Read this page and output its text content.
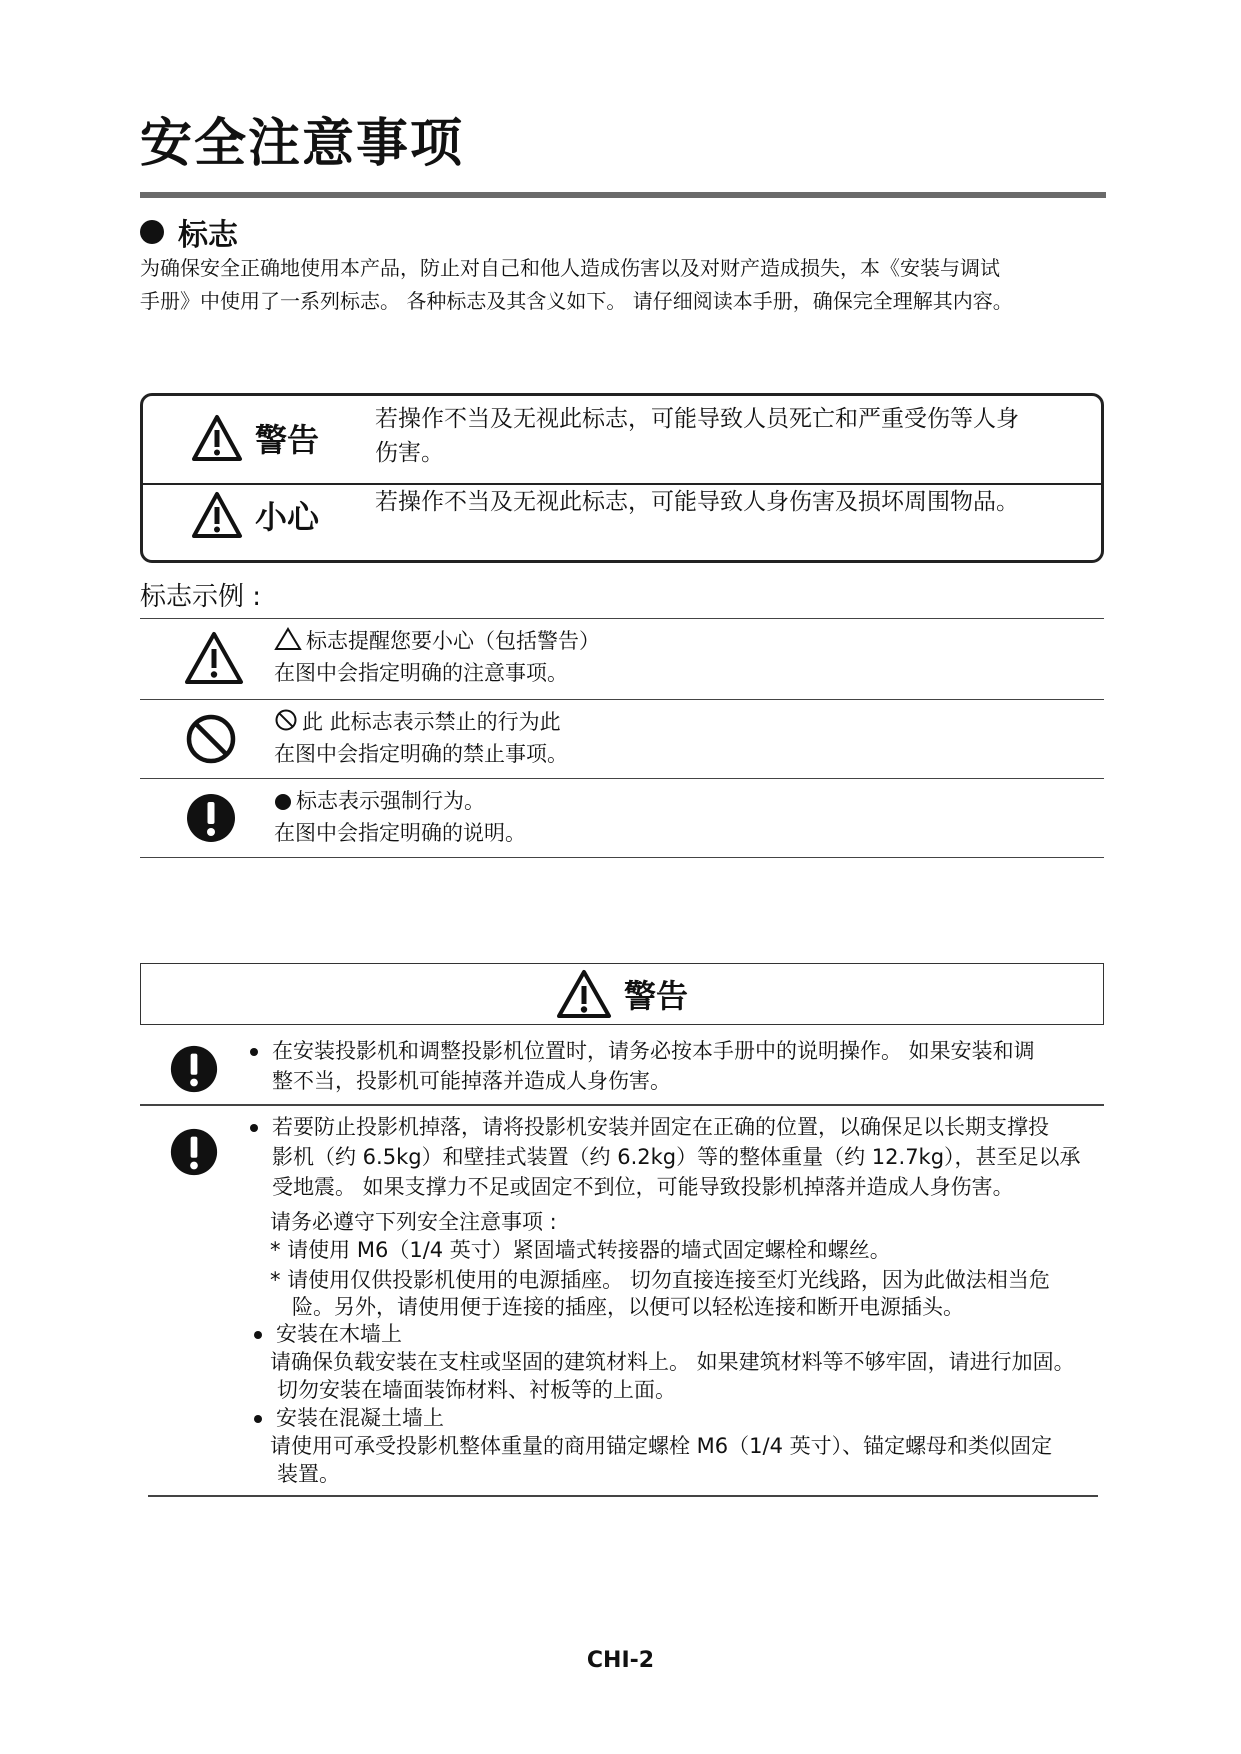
安全注意事项
标志
为确保安全正确地使用本产品，防止对自己和他人造成伤害以及对财产造成损失，本《安装与调试
手册》中使用了一系列标志。 各种标志及其含义如下。 请仔细阅读本手册，确保完全理解其内容。
警告
若操作不当及无视此标志，可能导致人员死亡和严重受伤等人身
伤害。
小心 若操作不当及无视此标志，可能导致人身伤害及损坏周围物品。
标志示例 :
标志提醒您要小心（包括警告）
在图中会指定明确的注意事项。
此 此标志表示禁止的行为此
在图中会指定明确的禁止事项。
标志表示强制行为。
在图中会指定明确的说明。
警告
在安装投影机和调整投影机位置时，请务必按本手册中的说明操作。 如果安装和调
整不当，投影机可能掉落并造成人身伤害。
若要防止投影机掉落，请将投影机安装并固定在正确的位置，以确保足以长期支撑投
影机（约 6.5kg）和壁挂式装置（约 6.2kg）等的整体重量（约 12.7kg），甚至足以承
受地震。 如果支撑力不足或固定不到位，可能导致投影机掉落并造成人身伤害。
请务必遵守下列安全注意事项 :
* 请使用 M6（1/4 英寸）紧固墙式转接器的墙式固定螺栓和螺丝。
* 请使用仅供投影机使用的电源插座。 切勿直接连接至灯光线路，因为此做法相当危
险。另外，请使用便于连接的插座，以便可以轻松连接和断开电源插头。
安装在木墙上
请确保负载安装在支柱或坚固的建筑材料上。 如果建筑材料等不够牢固，请进行加固。
切勿安装在墙面装饰材料、衬板等的上面。
安装在混凝土墙上
请使用可承受投影机整体重量的商用锚定螺栓 M6（1/4 英寸）、锚定螺母和类似固定
装置。
CHI-2
